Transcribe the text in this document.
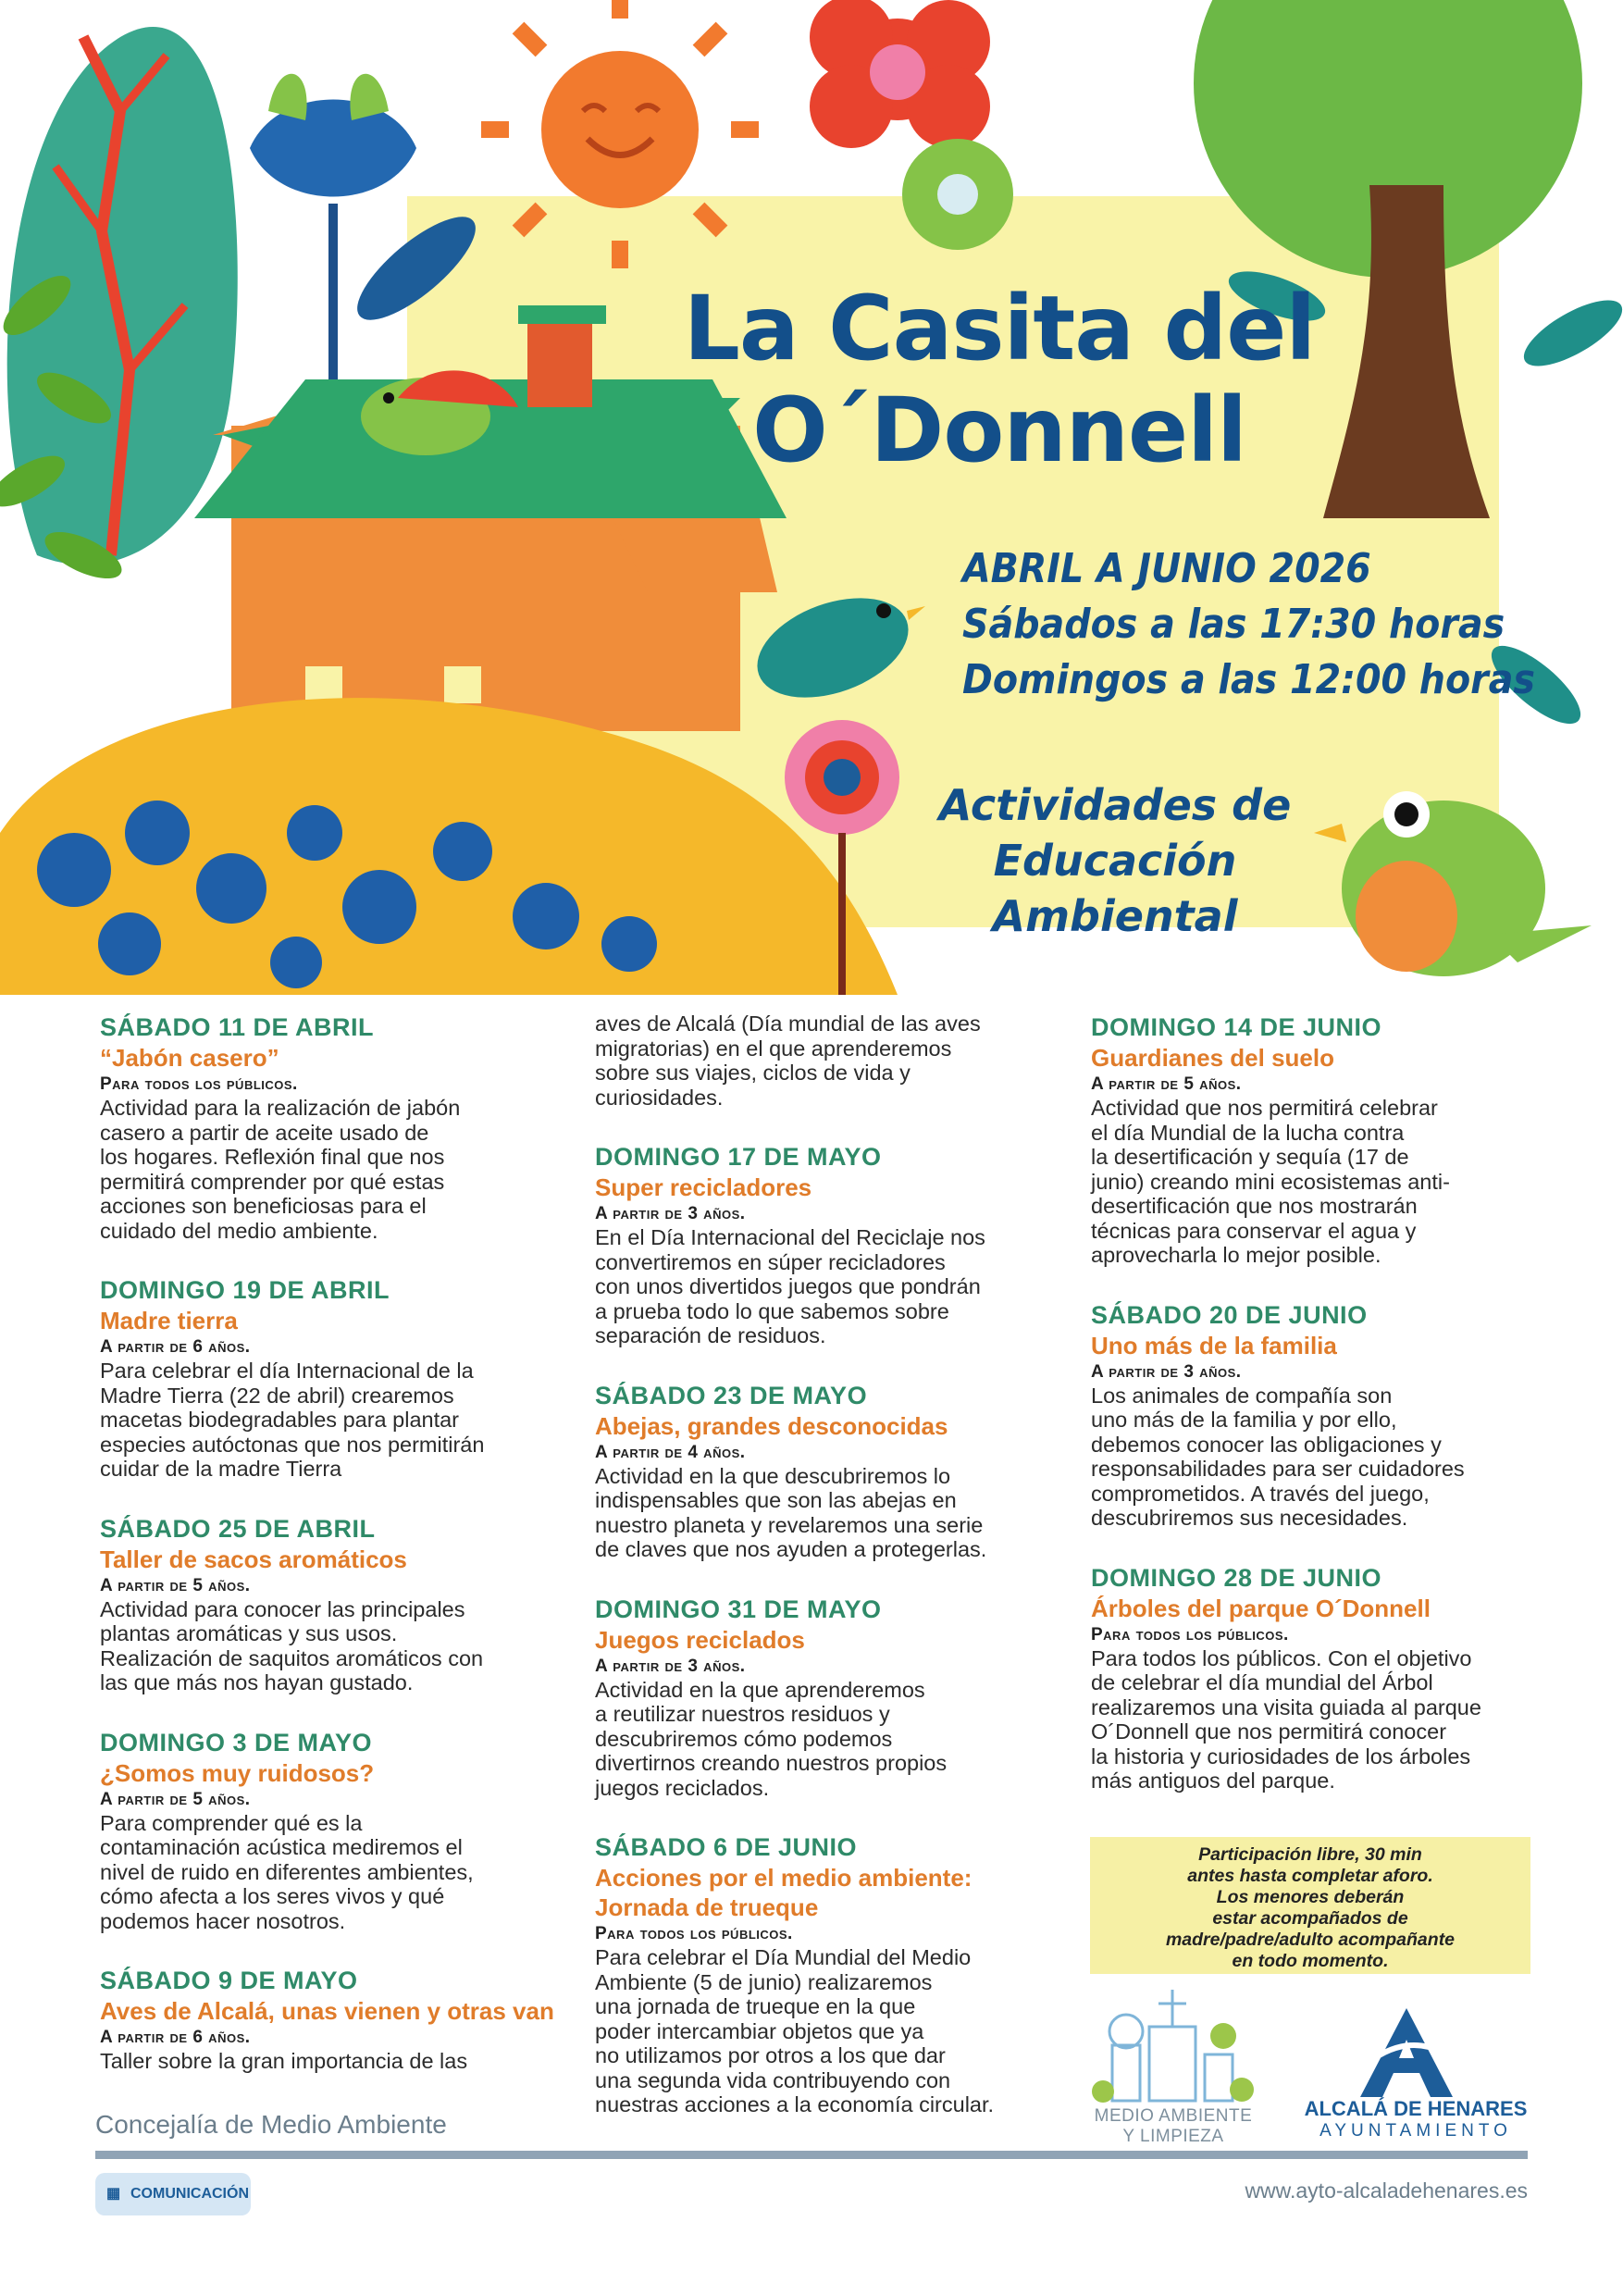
La Casita del
O´Donnell
ABRIL A JUNIO 2026
Sábados a las 17:30 horas
Domingos a las 12:00 horas
Actividades de
Educación Ambiental
SÁBADO 11 DE ABRIL
“Jabón casero”
Para todos los públicos.
Actividad para la realización de jabón
casero a partir de aceite usado de
los hogares. Reflexión final que nos
permitirá comprender por qué estas
acciones son beneficiosas para el
cuidado del medio ambiente.
DOMINGO 19 DE ABRIL
Madre tierra
A partir de 6 años.
Para celebrar el día Internacional de la
Madre Tierra (22 de abril) crearemos
macetas biodegradables para plantar
especies autóctonas que nos permitirán
cuidar de la madre Tierra
SÁBADO 25 DE ABRIL
Taller de sacos aromáticos
A partir de 5 años.
Actividad para conocer las principales
plantas aromáticas y sus usos.
Realización de saquitos aromáticos con
las que más nos hayan gustado.
DOMINGO 3 DE MAYO
¿Somos muy ruidosos?
A partir de 5 años.
Para comprender qué es la
contaminación acústica mediremos el
nivel de ruido en diferentes ambientes,
cómo afecta a los seres vivos y qué
podemos hacer nosotros.
SÁBADO 9 DE MAYO
Aves de Alcalá, unas vienen y otras van
A partir de 6 años.
Taller sobre la gran importancia de las
aves de Alcalá (Día mundial de las aves
migratorias) en el que aprenderemos
sobre sus viajes, ciclos de vida y
curiosidades.
DOMINGO 17 DE MAYO
Super recicladores
A partir de 3 años.
En el Día Internacional del Reciclaje nos
convertiremos en súper recicladores
con unos divertidos juegos que pondrán
a prueba todo lo que sabemos sobre
separación de residuos.
SÁBADO 23 DE MAYO
Abejas, grandes desconocidas
A partir de 4 años.
Actividad en la que descubriremos lo
indispensables que son las abejas en
nuestro planeta y revelaremos una serie
de claves que nos ayuden a protegerlas.
DOMINGO 31 DE MAYO
Juegos reciclados
A partir de 3 años.
Actividad en la que aprenderemos
a reutilizar nuestros residuos y
descubriremos cómo podemos
divertirnos creando nuestros propios
juegos reciclados.
SÁBADO 6 DE JUNIO
Acciones por el medio ambiente: Jornada de trueque
Para todos los públicos.
Para celebrar el Día Mundial del Medio
Ambiente (5 de junio) realizaremos
una jornada de trueque en la que
poder intercambiar objetos que ya
no utilizamos por otros a los que dar
una segunda vida contribuyendo con
nuestras acciones a la economía circular.
DOMINGO 14 DE JUNIO
Guardianes del suelo
A partir de 5 años.
Actividad que nos permitirá celebrar
el día Mundial de la lucha contra
la desertificación y sequía (17 de
junio) creando mini ecosistemas anti-
desertificación que nos mostrarán
técnicas para conservar el agua y
aprovecharla lo mejor posible.
SÁBADO 20 DE JUNIO
Uno más de la familia
A partir de 3 años.
Los animales de compañía son
uno más de la familia y por ello,
debemos conocer las obligaciones y
responsabilidades para ser cuidadores
comprometidos. A través del juego,
descubriremos sus necesidades.
DOMINGO 28 DE JUNIO
Árboles del parque O´Donnell
Para todos los públicos.
Para todos los públicos. Con el objetivo
de celebrar el día mundial del Árbol
realizaremos una visita guiada al parque
O´Donnell que nos permitirá conocer
la historia y curiosidades de los árboles
más antiguos del parque.
Participación libre, 30 min
antes hasta completar aforo.
Los menores deberán
estar acompañados de
madre/padre/adulto acompañante
en todo momento.
MEDIO AMBIENTE
Y LIMPIEZA
ALCALÁ DE HENARES
AYUNTAMIENTO
Concejalía de Medio Ambiente
▦ COMUNICACIÓN	www.ayto-alcaladehenares.es
